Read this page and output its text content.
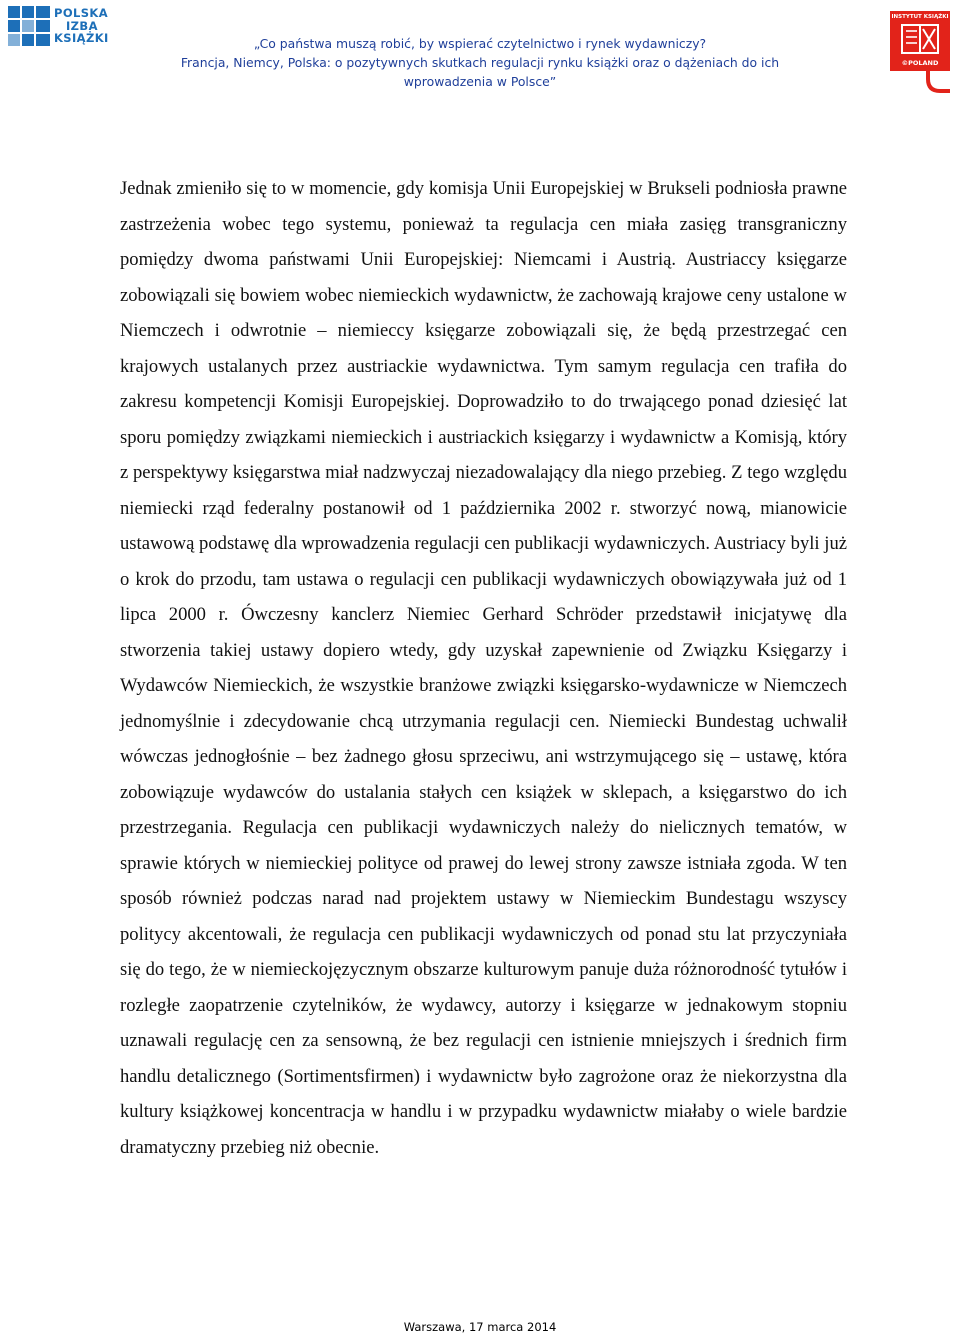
POLSKA
IZBA
KSIĄŻKI	„Co państwa muszą robić, by wspierać czytelnictwo i rynek wydawniczy?
Francja, Niemcy, Polska: o pozytywnych skutkach regulacji rynku książki oraz o dążeniach do ich wprowadzenia w Polsce”
INSTYTUT KSIĄŻKI
©POLAND

Jednak zmieniło się to w momencie, gdy komisja Unii Europejskiej w Brukseli podniosła prawne zastrzeżenia wobec tego systemu, ponieważ ta regulacja cen miała zasięg transgraniczny pomiędzy dwoma państwami Unii Europejskiej: Niemcami i Austrią. Austriaccy księgarze zobowiązali się bowiem wobec niemieckich wydawnictw, że zachowają krajowe ceny ustalone w Niemczech i odwrotnie – niemieccy księgarze zobowiązali się, że będą przestrzegać cen krajowych ustalanych przez austriackie wydawnictwa. Tym samym regulacja cen trafiła do zakresu kompetencji Komisji Europejskiej. Doprowadziło to do trwającego ponad dziesięć lat sporu pomiędzy związkami niemieckich i austriackich księgarzy i wydawnictw a Komisją, który z perspektywy księgarstwa miał nadzwyczaj niezadowalający dla niego przebieg. Z tego względu niemiecki rząd federalny postanowił od 1 października 2002 r. stworzyć nową, mianowicie ustawową podstawę dla wprowadzenia regulacji cen publikacji wydawniczych. Austriacy byli już o krok do przodu, tam ustawa o regulacji cen publikacji wydawniczych obowiązywała już od 1 lipca 2000 r. Ówczesny kanclerz Niemiec Gerhard Schröder przedstawił inicjatywę dla stworzenia takiej ustawy dopiero wtedy, gdy uzyskał zapewnienie od Związku Księgarzy i Wydawców Niemieckich, że wszystkie branżowe związki księgarsko-wydawnicze w Niemczech jednomyślnie i zdecydowanie chcą utrzymania regulacji cen. Niemiecki Bundestag uchwalił wówczas jednogłośnie – bez żadnego głosu sprzeciwu, ani wstrzymującego się – ustawę, która zobowiązuje wydawców do ustalania stałych cen książek w sklepach, a księgarstwo do ich przestrzegania. Regulacja cen publikacji wydawniczych należy do nielicznych tematów, w sprawie których w niemieckiej polityce od prawej do lewej strony zawsze istniała zgoda. W ten sposób również podczas narad nad projektem ustawy w Niemieckim Bundestagu wszyscy politycy akcentowali, że regulacja cen publikacji wydawniczych od ponad stu lat przyczyniała się do tego, że w niemieckojęzycznym obszarze kulturowym panuje duża różnorodność tytułów i rozległe zaopatrzenie czytelników, że wydawcy, autorzy i księgarze w jednakowym stopniu uznawali regulację cen za sensowną, że bez regulacji cen istnienie mniejszych i średnich firm handlu detalicznego (Sortimentsfirmen) i wydawnictw było zagrożone oraz że niekorzystna dla kultury książkowej koncentracja w handlu i w przypadku wydawnictw miałaby o wiele bardzie dramatyczny przebieg niż obecnie.

Warszawa, 17 marca 2014
